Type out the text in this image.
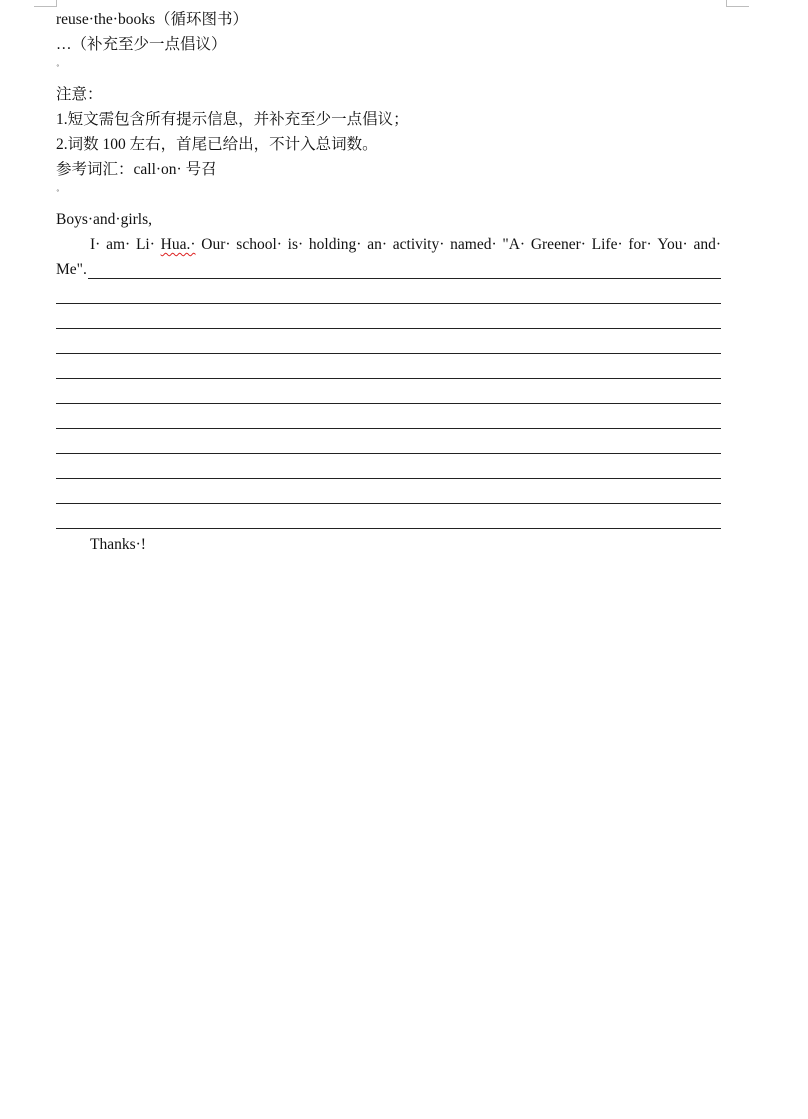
reuse·the·books（循环图书）
…（补充至少一点倡议）
˚
注意：
1.短文需包含所有提示信息，并补充至少一点倡议；
2.词数 100 左右，首尾已给出，不计入总词数。
参考词汇：call·on· 号召
˚
Boys·and·girls,
I· am· Li· Hua.· Our· school· is· holding· an· activity· named· "A· Greener· Life· for· You· and·
Me".
Thanks·!
